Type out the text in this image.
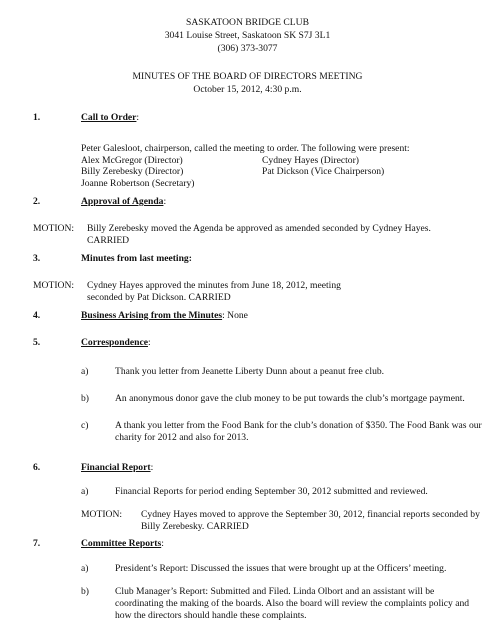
SASKATOON BRIDGE CLUB
3041 Louise Street, Saskatoon SK S7J 3L1
(306) 373-3077
MINUTES OF THE BOARD OF DIRECTORS MEETING
October 15, 2012, 4:30 p.m.
1.	Call to Order:
Peter Galesloot, chairperson, called the meeting to order. The following were present:
Alex McGregor (Director)	Cydney Hayes (Director)
Billy Zerebesky (Director)	Pat Dickson (Vice Chairperson)
Joanne Robertson (Secretary)
2.	Approval of Agenda:
MOTION: Billy Zerebesky moved the Agenda be approved as amended seconded by Cydney Hayes.
CARRIED
3.	Minutes from last meeting:
MOTION: Cydney Hayes approved the minutes from June 18, 2012, meeting
seconded by Pat Dickson. CARRIED
4.	Business Arising from the Minutes: None
5.	Correspondence:
a)	Thank you letter from Jeanette Liberty Dunn about a peanut free club.
b)	An anonymous donor gave the club money to be put towards the club’s mortgage payment.
c)	A thank you letter from the Food Bank for the club’s donation of $350. The Food Bank was our
charity for 2012 and also for 2013.
6.	Financial Report:
a)	Financial Reports for period ending September 30, 2012 submitted and reviewed.
MOTION: Cydney Hayes moved to approve the September 30, 2012, financial reports seconded by
Billy Zerebesky. CARRIED
7.	Committee Reports:
a)	President’s Report: Discussed the issues that were brought up at the Officers’ meeting.
b)	Club Manager’s Report: Submitted and Filed. Linda Olbort and an assistant will be
coordinating the making of the boards. Also the board will review the complaints policy and
how the directors should handle these complaints.
